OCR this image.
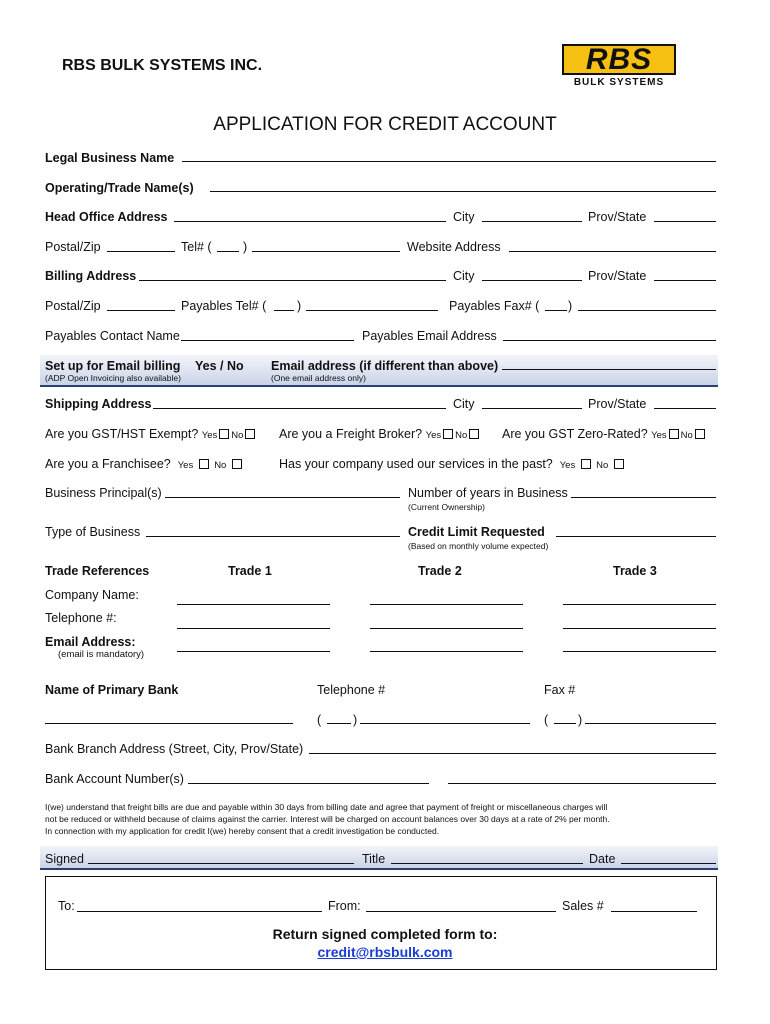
RBS BULK SYSTEMS INC.	RBS
BULK SYSTEMS
APPLICATION FOR CREDIT ACCOUNT
Legal Business Name
Operating/Trade Name(s)
Head Office Address	City	Prov/State
Postal/Zip	Tel# (	)	Website Address
Billing Address	City	Prov/State
Postal/Zip	Payables Tel# ( )	Payables Fax# ( )
Payables Contact Name	Payables Email Address
Set up for Email billing Yes / No
(ADP Open Invoicing also available)
Email address (if different than above)
(One email address only)
Shipping Address	City	Prov/State
Are you GST/HST Exempt? Yes No	Are you a Freight Broker? Yes No	Are you GST Zero-Rated? Yes No
Are you a Franchisee? Yes No	Has your company used our services in the past? Yes No
Business Principal(s)	Number of years in Business
(Current Ownership)
Type of Business	Credit Limit Requested
(Based on monthly volume expected)
Trade References	Trade 1	Trade 2	Trade 3
Company Name:
Telephone #:
Email Address:
(email is mandatory)
Name of Primary Bank	Telephone #	Fax #
(	)	( )
Bank Branch Address (Street, City, Prov/State)
Bank Account Number(s)
I(we) understand that freight bills are due and payable within 30 days from billing date and agree that payment of freight or miscellaneous charges will
not be reduced or withheld because of claims against the carrier. Interest will be charged on account balances over 30 days at a rate of 2% per month.
In connection with my application for credit I(we) hereby consent that a credit investigation be conducted.
Signed	Title	Date
To:	From:	Sales #
Return signed completed form to:
credit@rbsbulk.com
